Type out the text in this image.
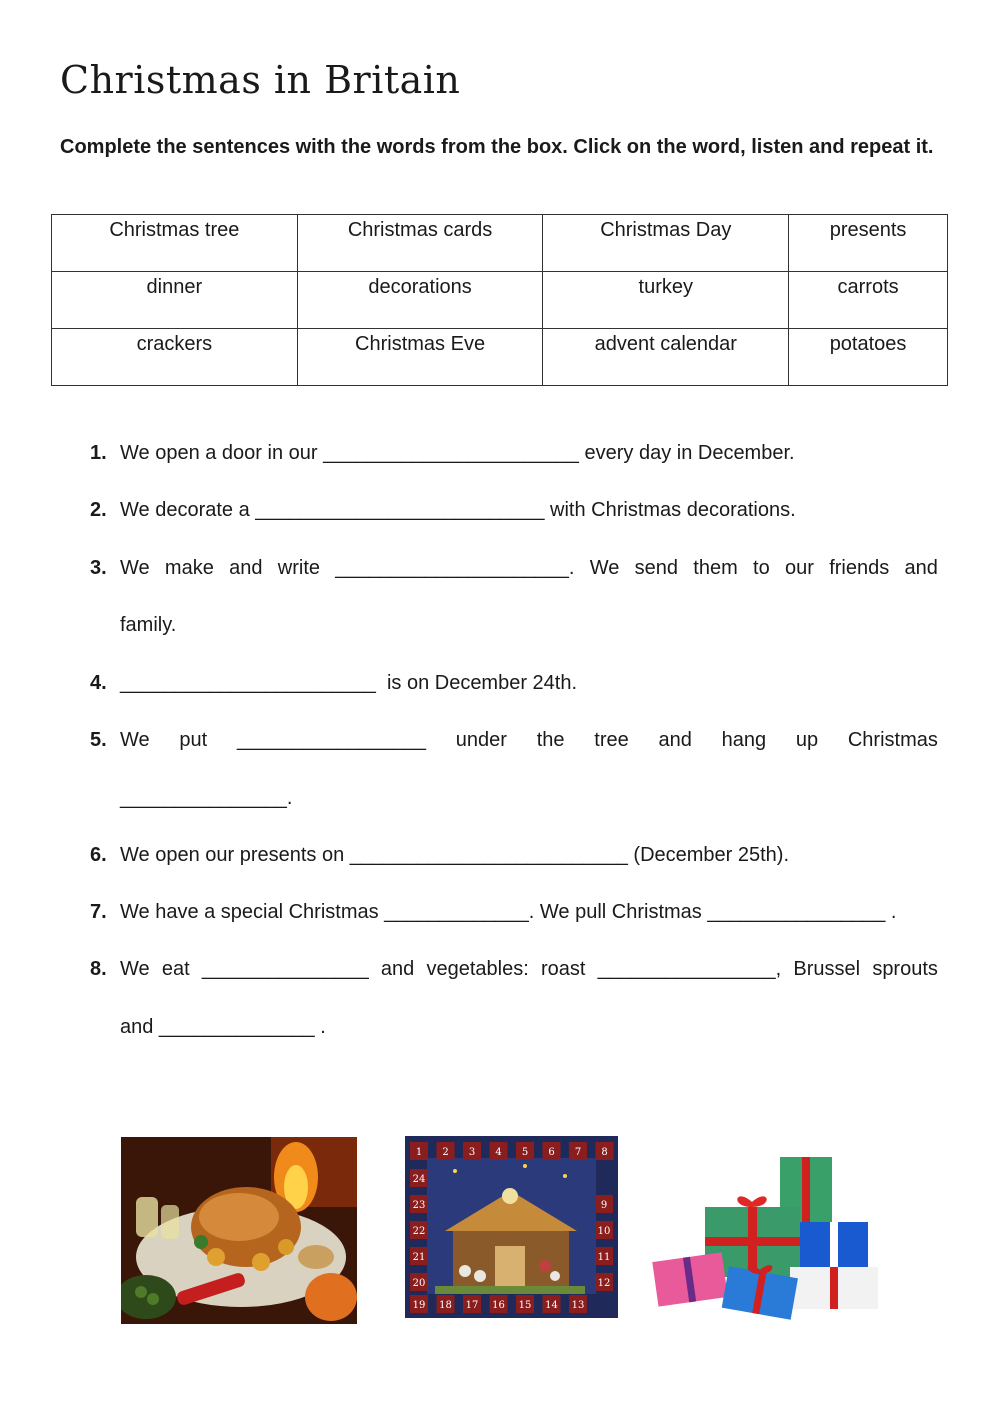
Christmas in Britain
Complete the sentences with the words from the box. Click on the word, listen and repeat it.
Christmas tree	Christmas cards	Christmas Day	presents
dinner	decorations	turkey	carrots
crackers	Christmas Eve	advent calendar	potatoes
1. We open a door in our _______________________ every day in December.
2. We decorate a __________________________ with Christmas decorations.
3. We make and write _____________________. We send them to our friends and
family.
4. _______________________  is on December 24th.
5. We put _________________ under the tree and hang up Christmas
_______________.
6. We open our presents on _________________________ (December 25th).
7. We have a special Christmas _____________. We pull Christmas ________________ .
8. We eat _______________ and vegetables: roast ________________, Brussel sprouts
and ______________ .
1 2 3 4 5 6 7 8
24
23
22
21
20
19 18 17 16 15 14 13
12
11
10
9
